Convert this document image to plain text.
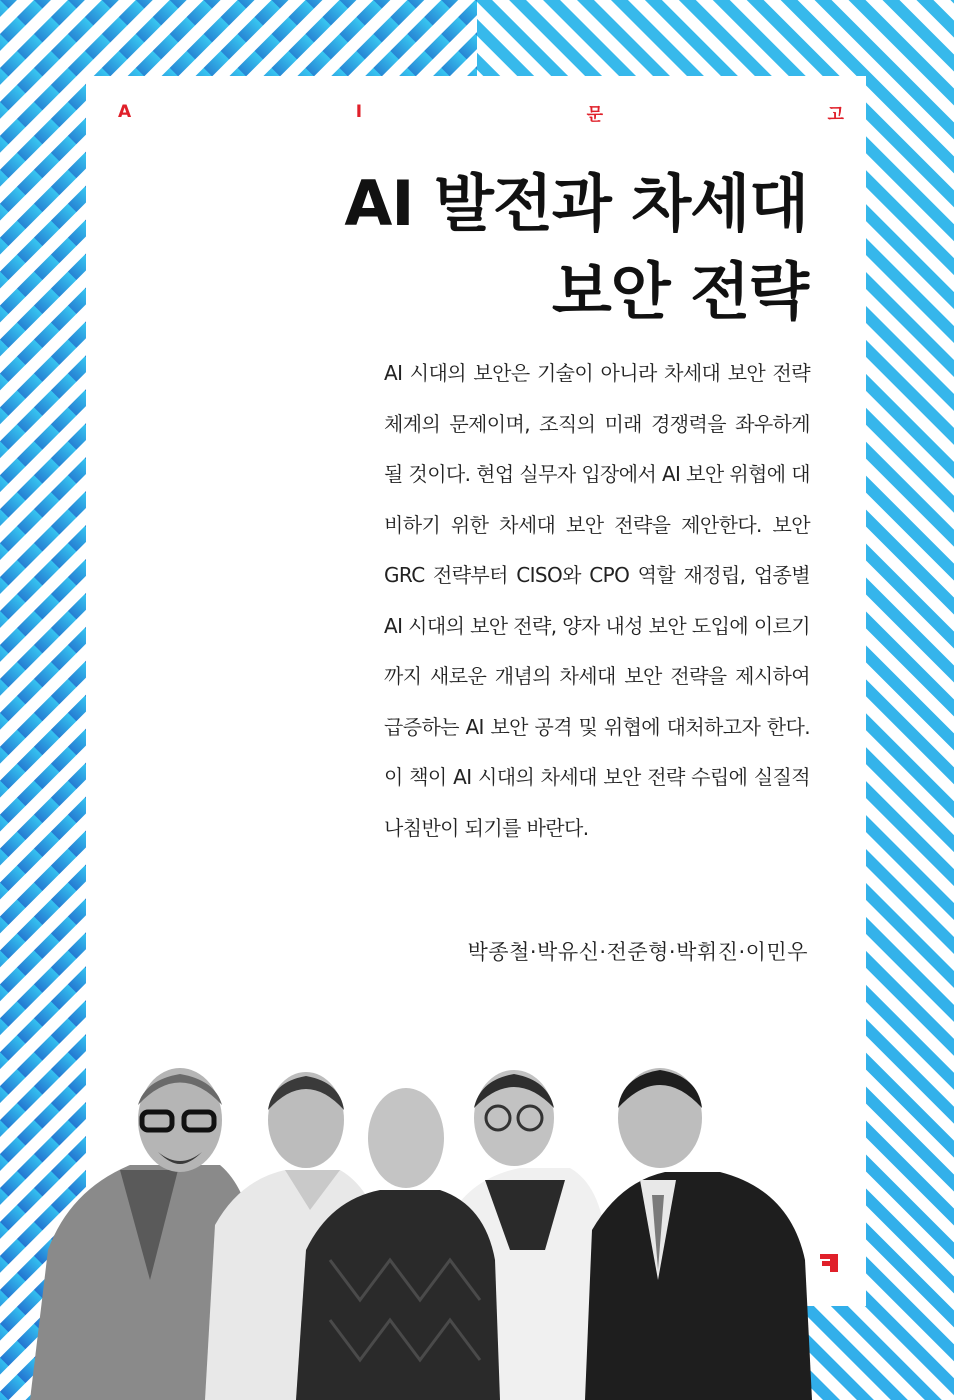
A	I	문	고
AI 발전과 차세대
보안 전략

AI 시대의 보안은 기술이 아니라 차세대 보안 전략 체계의 문제이며, 조직의 미래 경쟁력을 좌우하게 될 것이다. 현업 실무자 입장에서 AI 보안 위협에 대비하기 위한 차세대 보안 전략을 제안한다. 보안 GRC 전략부터 CISO와 CPO 역할 재정립, 업종별 AI 시대의 보안 전략, 양자 내성 보안 도입에 이르기까지 새로운 개념의 차세대 보안 전략을 제시하여 급증하는 AI 보안 공격 및 위협에 대처하고자 한다. 이 책이 AI 시대의 차세대 보안 전략 수립에 실질적 나침반이 되기를 바란다.

박종철·박유신·전준형·박휘진·이민우
